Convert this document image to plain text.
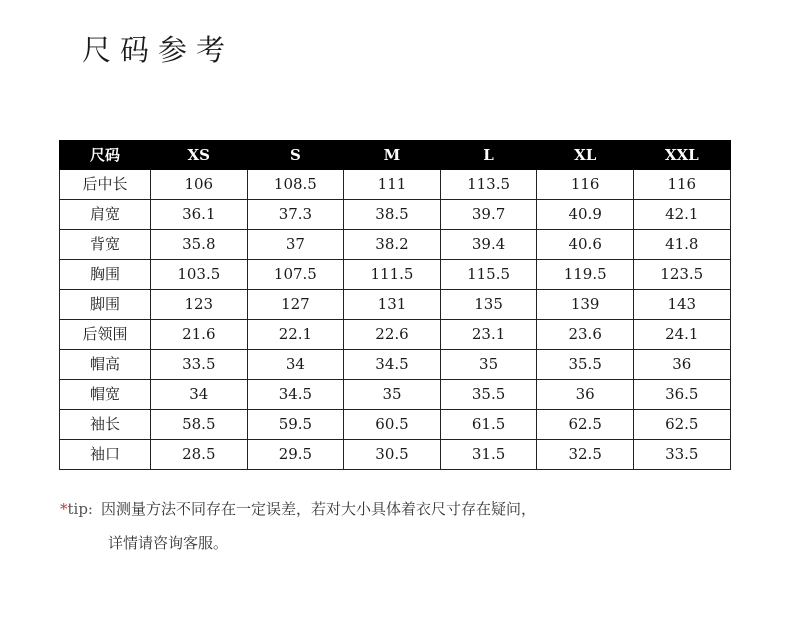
尺码参考
尺码	XS	S	M	L	XL	XXL
后中长	106	108.5	111	113.5	116	116
肩宽	36.1	37.3	38.5	39.7	40.9	42.1
背宽	35.8	37	38.2	39.4	40.6	41.8
胸围	103.5	107.5	111.5	115.5	119.5	123.5
脚围	123	127	131	135	139	143
后领围	21.6	22.1	22.6	23.1	23.6	24.1
帽高	33.5	34	34.5	35	35.5	36
帽宽	34	34.5	35	35.5	36	36.5
袖长	58.5	59.5	60.5	61.5	62.5	62.5
袖口	28.5	29.5	30.5	31.5	32.5	33.5
*tip: 因测量方法不同存在一定误差，若对大小具体着衣尺寸存在疑问，
详情请咨询客服。
